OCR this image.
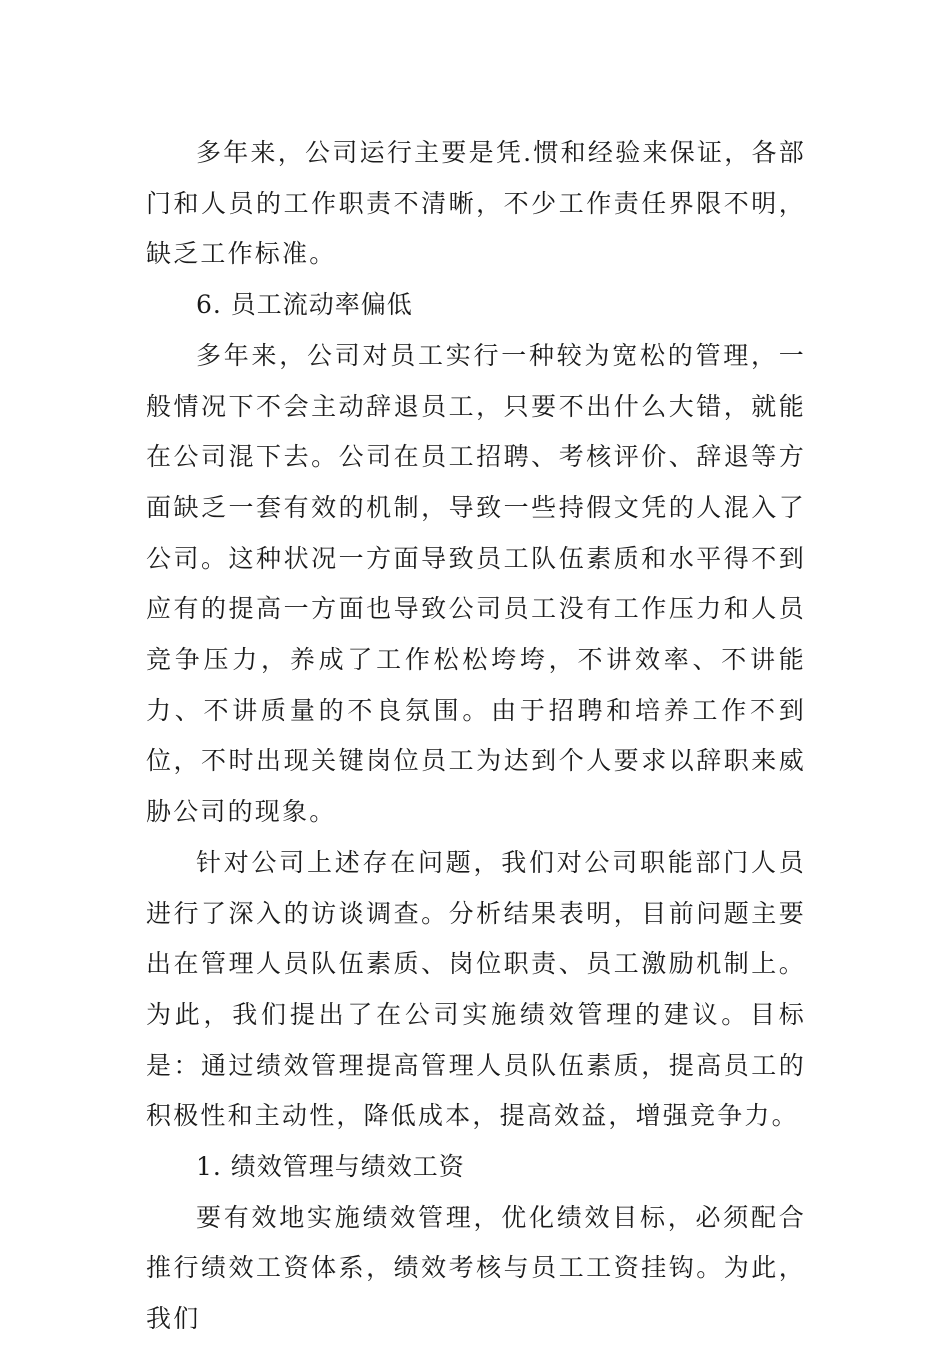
多年来，公司运行主要是凭.惯和经验来保证，各部门和人员的工作职责不清晰，不少工作责任界限不明，缺乏工作标准。

6. 员工流动率偏低

多年来，公司对员工实行一种较为宽松的管理，一般情况下不会主动辞退员工，只要不出什么大错，就能在公司混下去。公司在员工招聘、考核评价、辞退等方面缺乏一套有效的机制，导致一些持假文凭的人混入了公司。这种状况一方面导致员工队伍素质和水平得不到应有的提高一方面也导致公司员工没有工作压力和人员竞争压力，养成了工作松松垮垮，不讲效率、不讲能力、不讲质量的不良氛围。由于招聘和培养工作不到位，不时出现关键岗位员工为达到个人要求以辞职来威胁公司的现象。

针对公司上述存在问题，我们对公司职能部门人员进行了深入的访谈调查。分析结果表明，目前问题主要出在管理人员队伍素质、岗位职责、员工激励机制上。为此，我们提出了在公司实施绩效管理的建议。目标是：通过绩效管理提高管理人员队伍素质，提高员工的积极性和主动性，降低成本，提高效益，增强竞争力。

1. 绩效管理与绩效工资

要有效地实施绩效管理，优化绩效目标，必须配合推行绩效工资体系，绩效考核与员工工资挂钩。为此，我们
